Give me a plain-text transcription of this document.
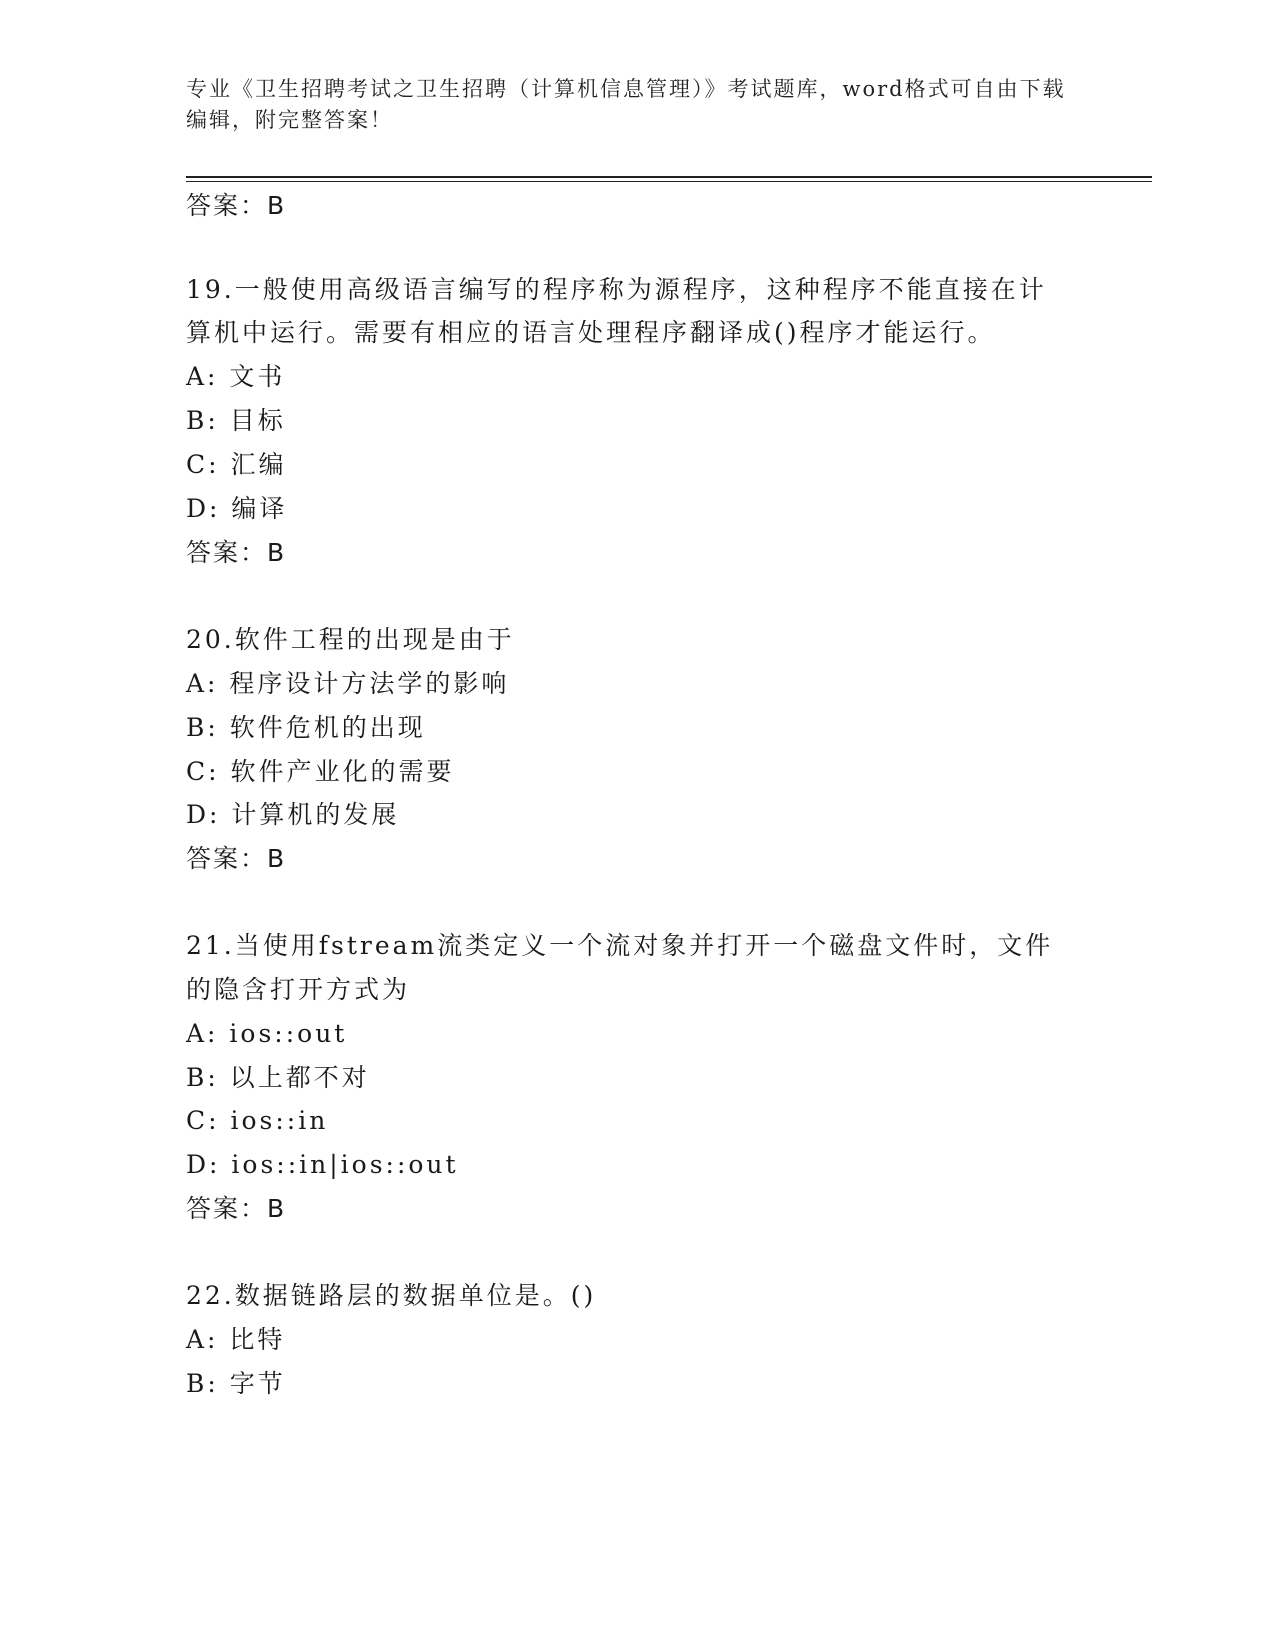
专业《卫生招聘考试之卫生招聘（计算机信息管理）》考试题库，word格式可自由下载编辑，附完整答案！
答案：B
19.一般使用高级语言编写的程序称为源程序，这种程序不能直接在计
算机中运行。需要有相应的语言处理程序翻译成()程序才能运行。
A: 文书
B: 目标
C: 汇编
D: 编译
答案：B
20.软件工程的出现是由于
A: 程序设计方法学的影响
B: 软件危机的出现
C: 软件产业化的需要
D: 计算机的发展
答案：B
21.当使用fstream流类定义一个流对象并打开一个磁盘文件时，文件
的隐含打开方式为
A: ios::out
B: 以上都不对
C: ios::in
D: ios::in|ios::out
答案：B
22.数据链路层的数据单位是。()
A: 比特
B: 字节
